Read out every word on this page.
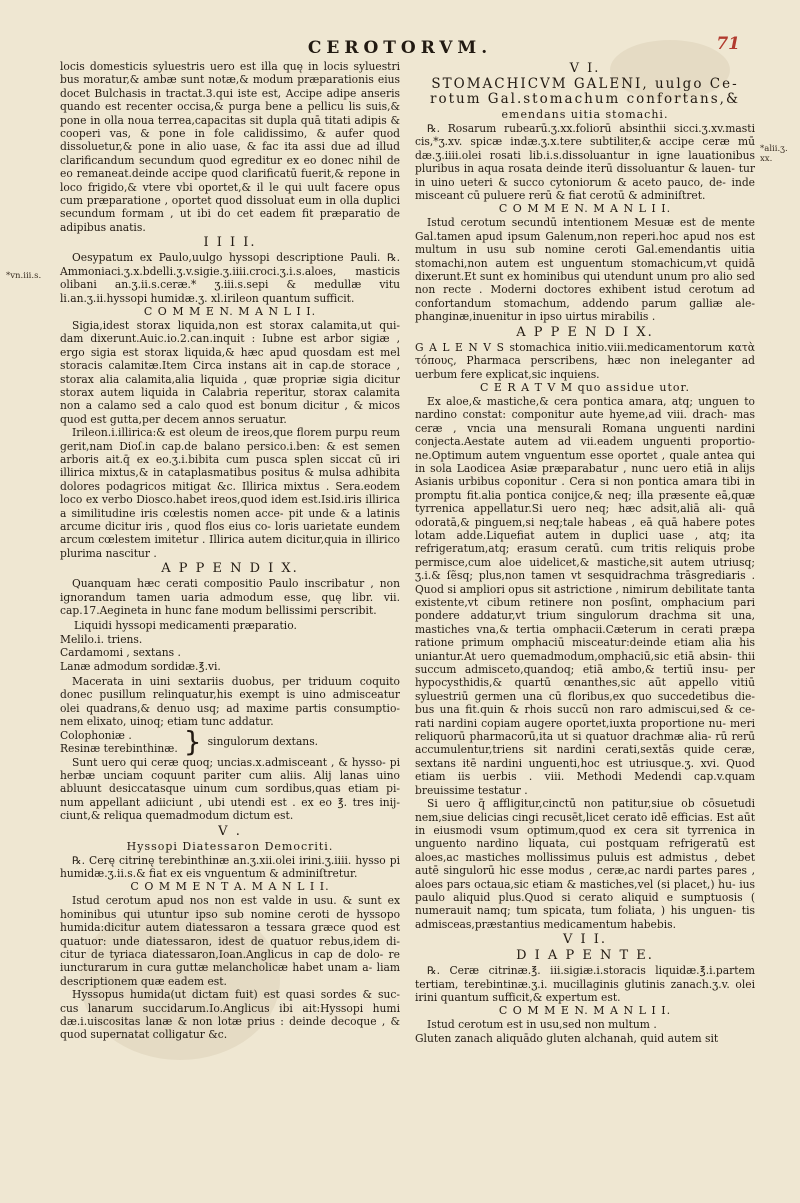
CEROTORVM.	71
*vn.iii.s.
*alii.ʒ.
xx.

locis domesticis syluestris uero est illa quę in locis syluestri bus moratur,& ambæ sunt notæ,& modum præparationis eius docet Bulchasis in tractat.3.qui iste est, Accipe adipe anseris quando est recenter occisa,& purga bene a pellicu lis suis,& pone in olla noua terrea,capacitas sit dupla quā titati adipis & cooperi vas, & pone in fole calidissimo, & aufer quod dissoluetur,& pone in alio uase, & fac ita assi due ad illud clarificandum secundum quod egreditur ex eo donec nihil de eo remaneat.deinde accipe quod clarificatū fuerit,& repone in loco frigido,& vtere vbi oportet,& il le qui uult facere opus cum præparatione , oportet quod dissoluat eum in olla duplici secundum formam , ut ibi do cet eadem fit præparatio de adipibus anatis.

I I I I.

Oesypatum ex Paulo,uulgo hyssopi descriptione Pauli. ℞. Ammoniaci.ʒ.x.bdelli.ʒ.v.sigie.ʒ.iiii.croci.ʒ.i.s.aloes, masticis olibani an.ʒ.ii.s.ceræ.* ʒ.iii.s.sepi & medullæ vitu li.an.ʒ.ii.hyssopi humidæ.ʒ. xl.irileon quantum sufficit.

C O M M E N. M A N L I I.

Sigia,idest storax liquida,non est storax calamita,ut qui- dam dixerunt.Auic.io.2.can.inquit : Iubne est arbor sigiæ , ergo sigia est storax liquida,& hæc apud quosdam est mel storacis calamitæ.Item Circa instans ait in cap.de storace , storax alia calamita,alia liquida , quæ propriæ sigia dicitur storax autem liquida in Calabria reperitur, storax calamita non a calamo sed a calo quod est bonum dicitur , & micos quod est gutta,per decem annos seruatur.

Irileon.i.illirica:& est oleum de ireos,que florem purpu reum gerit,nam Dioſ.in cap.de balano persico.i.ben: & est semen arboris ait.q̄ ex eo.ʒ.i.bibita cum pusca splen siccat cū iri illirica mixtus,& in cataplasmatibus positus & mulsa adhibita dolores podagricos mitigat &c. Illirica mixtus . Sera.eodem loco ex verbo Dioscο.habet ireos,quod idem est.Isid.iris illirica a similitudine iris cœlestis nomen acce- pit unde & a latinis arcume dicitur iris , quod flos eius co- loris uarietate eundem arcum cœlestem imitetur . Illirica autem dicitur,quia in illirico plurima nascitur .

A P P E N D I X.

Quanquam hæc cerati compositio Paulo inscribatur , non ignorandum tamen uaria admodum esse, quę libr. vii. cap.17.Aegineta in hunc fane modum bellissimi perscribit.

Liquidi hyssopi medicamenti præparatio.
Melilo.i. triens.
Cardamomi , sextans .
Lanæ admodum sordidæ.℥.vi.

Macerata in uini sextariis duobus, per triduum coquito donec pusillum relinquatur,his exempt is uino admisceatur olei quadrans,& denuo usq; ad maxime partis consumptio- nem elixato, uinoq; etiam tunc addatur.

Colophoniæ .
Resinæ terebinthinæ. } singulorum dextans.

Sunt uero qui ceræ quoq; uncias.x.admisceant , & hysso- pi herbæ unciam coquunt pariter cum aliis. Alij lanas uino abluunt desiccatasque uinum cum sordibus,quas etiam pi- num appellant adiiciunt , ubi utendi est . ex eo ℥. tres inij- ciunt,& reliqua quemadmodum dictum est.

V .
Hyssopi Diatessaron Democriti.

℞. Cerę citrinę terebinthinæ an.ʒ.xii.olei irini.ʒ.iiii. hysso pi humidæ.ʒ.ii.s.& fiat ex eis vnguentum & adminiſtretur.

C O M M E N T A. M A N L I I.

Istud cerotum apud nos non est valde in usu. & sunt ex hominibus qui utuntur ipso sub nomine ceroti de hyssopo humida:dicitur autem diatessaron a tessara græce quod est quatuor: unde diatessaron, idest de quatuor rebus,idem di- citur de tyriaca diatessaron,Ioan.Anglicus in cap de dolo- re iuncturarum in cura guttæ melancholicæ habet unam a- liam descriptionem quæ eadem est.

Hyssopus humida(ut dictam fuit) est quasi sordes & suc- cus lanarum succidarum.Io.Anglicus ibi ait:Hyssopi humi dæ.i.uiscositas lanæ & non lotæ prius : deinde decoque , & quod supernatat colligatur &c.

V I.
STOMACHICVM GALENI, uulgo Ce- rotum Gal.stomachum confortans,&
emendans uitia stomachi.

℞. Rosarum rubearū.ʒ.xx.foliorū absinthii sicci.ʒ.xv.masti cis,*ʒ.xv. spicæ indæ.ʒ.x.tere subtiliter,& accipe ceræ mū dæ.ʒ.iiii.olei rosati lib.i.s.dissoluantur in igne lauationibus pluribus in aqua rosata deinde iterū dissoluantur & lauen- tur in uino ueteri & succo cytoniorum & aceto pauco, de- inde misceant cū puluere rerū & fiat cerotū & adminiſtret.

C O M M E N. M A N L I I.

Istud cerotum secundū intentionem Mesuæ est de mente Gal.tamen apud ipsum Galenum,non reperi.hoc apud nos est multum in usu sub nomine ceroti Gal.emendantis uitia stomachi,non autem est unguentum stomachicum,vt quidā dixerunt.Et sunt ex hominibus qui utendunt unum pro alio sed non recte . Moderni doctores exhibent istud cerotum ad confortandum stomachum, addendo parum galliæ ale- phanginæ,inuenitur in ipso uirtus mirabilis .

A P P E N D I X.

G A L E N V S stomachica initio.viii.medicamentorum κατὰ τόπους, Pharmaca perscribens, hæc non ineleganter ad uerbum fere explicat,sic inquiens.

C E R A T V M quo assidue utor.

Ex aloe,& mastiche,& cera pontica amara, atq; unguen to nardino constat: componitur aute hyeme,ad viii. drach- mas ceræ , vncia una mensurali Romana unguenti nardini conjecta.Aestate autem ad vii.eadem unguenti proportio- ne.Optimum autem vnguentum esse oportet , quale antea qui in sola Laodicea Asiæ præparabatur , nunc uero etiā in alijs Asianis urbibus coponitur . Cera si non pontica amara tibi in promptu fit.alia pontica conijce,& neq; illa præsente eā,quæ tyrrenica appellatur.Si uero neq; hæc adsit,aliā ali- quā odoratā,& pinguem,si neq;tale habeas , eā quā habere potes lotam adde.Liquefiat autem in duplici uase , atq; ita refrigeratum,atq; erasum ceratū. cum tritis reliquis probe permisce,cum aloe uidelicet,& mastiche,sit autem utriusq; ʒ.i.& ſẽsq; plus,non tamen vt sesquidrachma trāsgrediaris . Quod si ampliori opus sit astrictione , nimirum debilitate tanta existente,vt cibum retinere non posſint, omphacium pari pondere addatur,vt trium singulorum drachma sit una, mastiches vna,& tertia omphacii.Cæterum in cerati præpa ratione primum omphaciū misceatur:deinde etiam alia his uniantur.At uero quemadmodum,omphaciū,sic etiā absin- thii succum admisceto,quandoq; etiā ambo,& tertiū insu- per hypocysthidis,& quartū œnanthes,sic aūt appello vitiū syluestriū germen una cū floribus,ex quo succedetibus die- bus una fit.quin & rhois succū non raro admiscui,sed & ce- rati nardini copiam augere oportet,iuxta proportione nu- meri reliquorū pharmacorū,ita ut si quatuor drachmæ alia- rū rerū accumulentur,triens sit nardini cerati,sextās quide ceræ, sextans itē nardini unguenti,hoc est utriusque.ʒ. xvi. Quod etiam iis uerbis . viii. Methodi Medendi cap.v.quam breuissime testatur .

Si uero q̄ affligitur,cinctū non patitur,siue ob cōsuetudi nem,siue delicias cingi recusēt,licet cerato idē efficias. Est aūt in eiusmodi vsum optimum,quod ex cera sit tyrrenica in unguento nardino liquata, cui postquam refrigeratū est aloes,ac mastiches mollissimus puluis est admistus , debet autē singulorū hic esse modus , ceræ,ac nardi partes pares , aloes pars octaua,sic etiam & mastiches,vel (si placet,) hu- ius paulo aliquid plus.Quod si cerato aliquid e sumptuosis ( numerauit namq; tum spicata, tum foliata, ) his unguen- tis admisceas,præstantius medicamentum habebis.

V I I.
D I A P E N T E.

℞. Ceræ citrinæ.℥. iii.sigiæ.i.storacis liquidæ.℥.i.partem tertiam, terebintinæ.ʒ.i. mucillaginis glutinis zanach.ʒ.v. olei irini quantum sufficit,& expertum est.

C O M M E N. M A N L I I.

Istud cerotum est in usu,sed non multum .

Gluten zanach aliquādo gluten alchanah, quid autem sit
